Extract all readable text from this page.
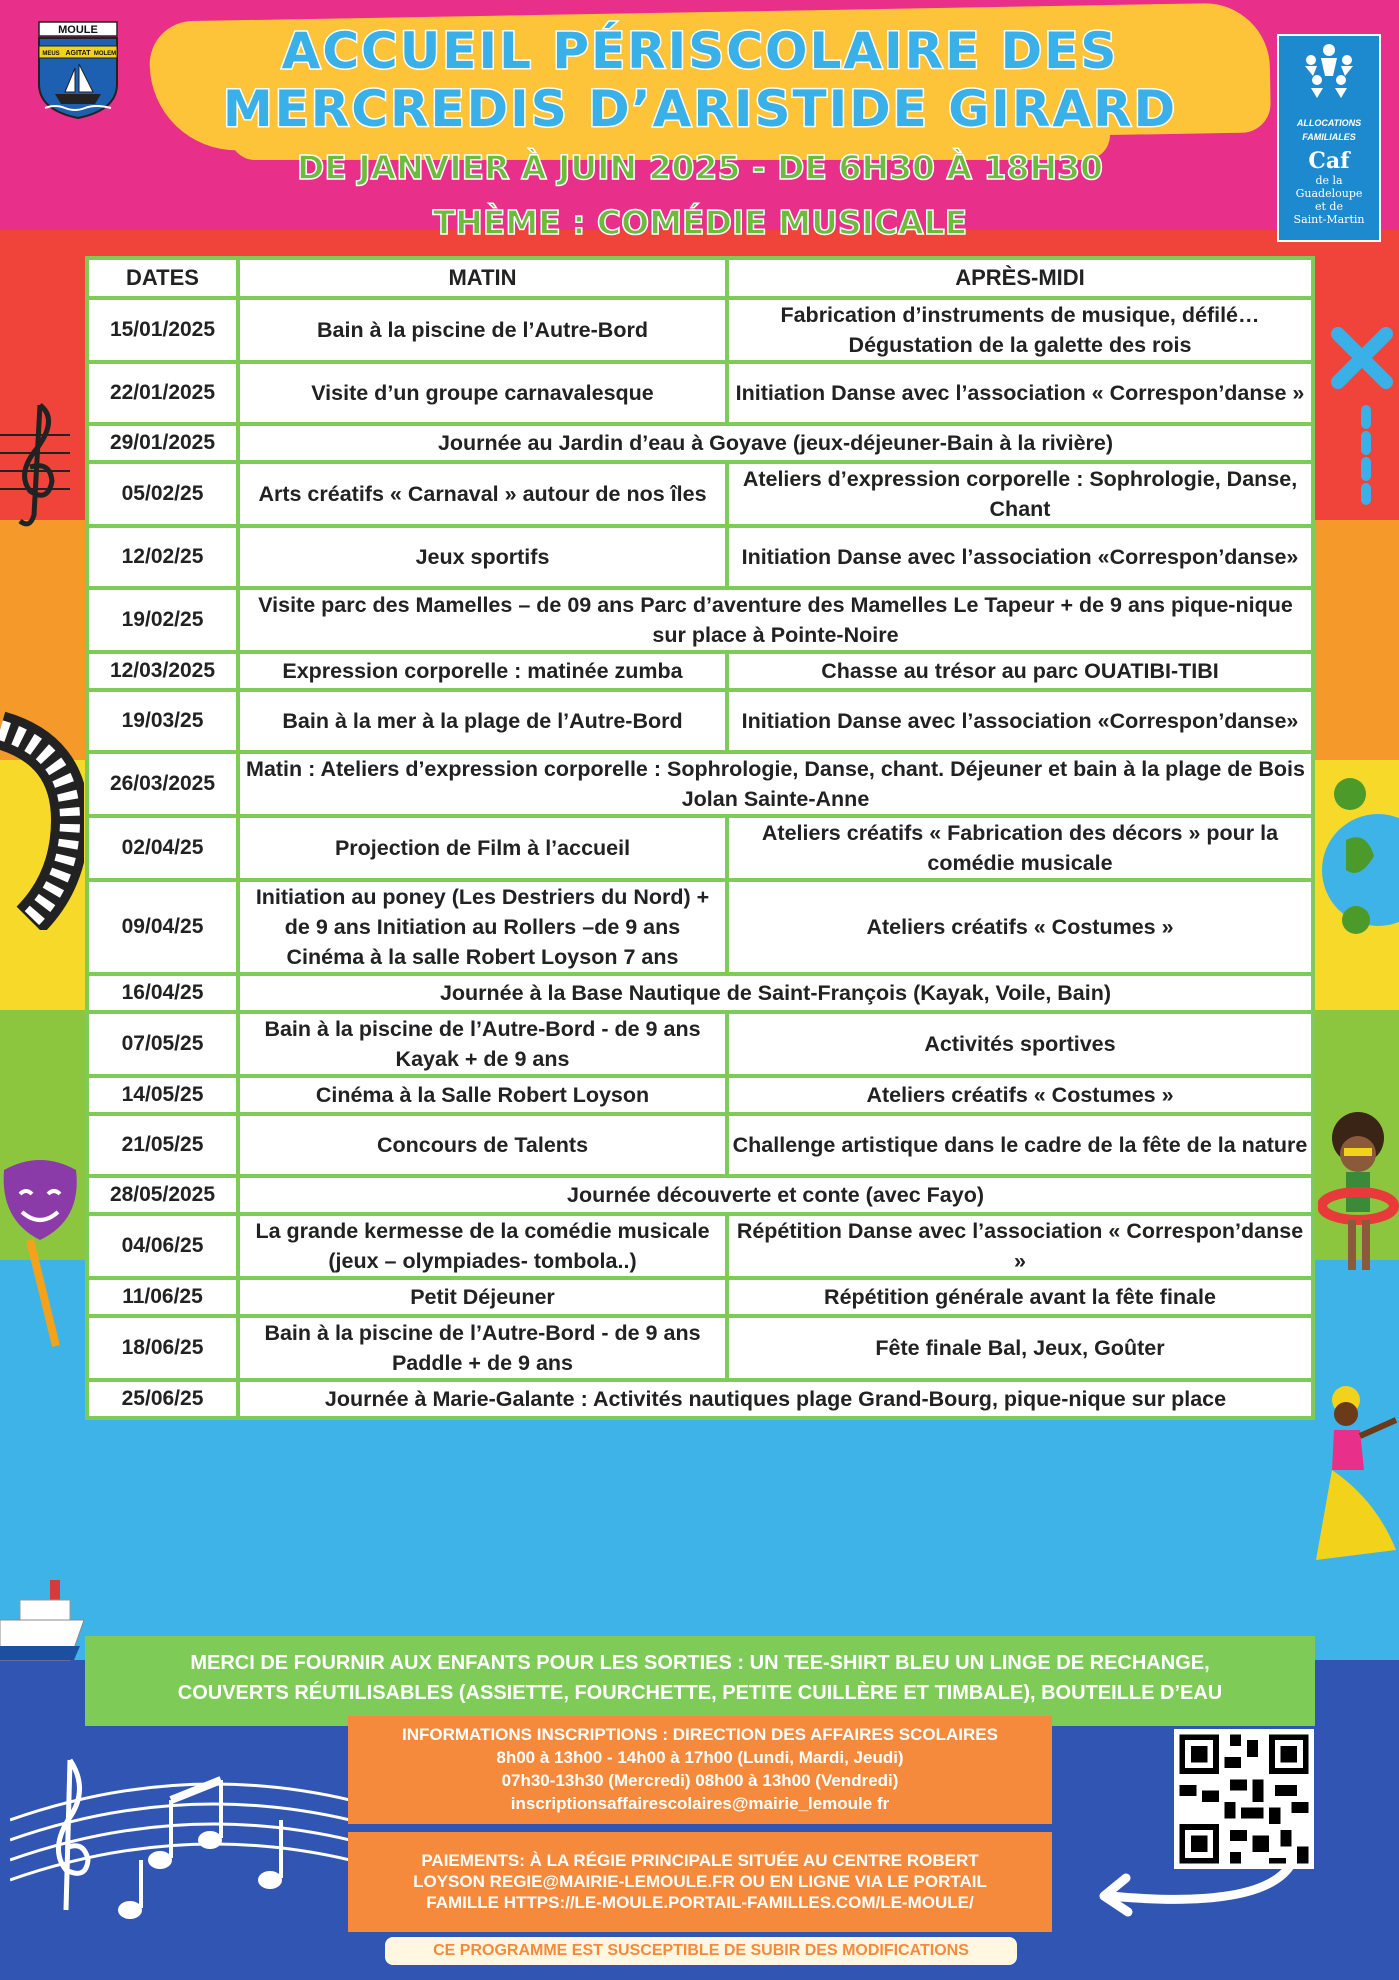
MOULE
MEUS AGITAT MOLEM	ACCUEIL PÉRISCOLAIRE DES
MERCREDIS D’ARISTIDE GIRARD
DE JANVIER À JUIN 2025 - DE 6H30 À 18H30
THÈME : COMÉDIE MUSICALE
ALLOCATIONS
FAMILIALES
Caf
de la
Guadeloupe
et de
Saint-Martin
DATES	MATIN	APRÈS-MIDI
15/01/2025	Bain à la piscine de l’Autre-Bord	Fabrication d’instruments de musique, défilé… Dégustation de la galette des rois
22/01/2025	Visite d’un groupe carnavalesque	Initiation Danse avec l’association « Correspon’danse »
29/01/2025	Journée au Jardin d’eau à Goyave (jeux-déjeuner-Bain à la rivière)	
05/02/25	Arts créatifs « Carnaval » autour de nos îles	Ateliers d’expression corporelle : Sophrologie, Danse, Chant
12/02/25	Jeux sportifs	Initiation Danse avec l’association «Correspon’danse»
19/02/25	Visite parc des Mamelles – de 09 ans Parc d’aventure des Mamelles Le Tapeur + de 9 ans pique-nique sur place à Pointe-Noire	
12/03/2025	Expression corporelle : matinée zumba	Chasse au trésor au parc OUATIBI-TIBI
19/03/25	Bain à la mer à la plage de l’Autre-Bord	Initiation Danse avec l’association «Correspon’danse»
26/03/2025	Matin : Ateliers d’expression corporelle : Sophrologie, Danse, chant. Déjeuner et bain à la plage de Bois Jolan Sainte-Anne	
02/04/25	Projection de Film à l’accueil	Ateliers créatifs « Fabrication des décors » pour la comédie musicale
09/04/25	Initiation au poney (Les Destriers du Nord) + de 9 ans Initiation au Rollers –de 9 ans Cinéma à la salle Robert Loyson 7 ans	Ateliers créatifs « Costumes »
16/04/25	Journée à la Base Nautique de Saint-François (Kayak, Voile, Bain)	
07/05/25	Bain à la piscine de l’Autre-Bord - de 9 ans Kayak + de 9 ans	Activités sportives
14/05/25	Cinéma à la Salle Robert Loyson	Ateliers créatifs « Costumes »
21/05/25	Concours de Talents	Challenge artistique dans le cadre de la fête de la nature
28/05/2025	Journée découverte et conte (avec Fayo)	
04/06/25	La grande kermesse de la comédie musicale (jeux – olympiades- tombola..)	Répétition Danse avec l’association « Correspon’danse »
11/06/25	Petit Déjeuner	Répétition générale avant la fête finale
18/06/25	Bain à la piscine de l’Autre-Bord - de 9 ans Paddle + de 9 ans	Fête finale Bal, Jeux, Goûter
25/06/25	Journée à Marie-Galante : Activités nautiques plage Grand-Bourg, pique-nique sur place	
MERCI DE FOURNIR AUX ENFANTS POUR LES SORTIES : UN TEE-SHIRT BLEU UN LINGE DE RECHANGE,
COUVERTS RÉUTILISABLES (ASSIETTE, FOURCHETTE, PETITE CUILLÈRE ET TIMBALE), BOUTEILLE D’EAU
INFORMATIONS INSCRIPTIONS : DIRECTION DES AFFAIRES SCOLAIRES
8h00 à 13h00 - 14h00 à 17h00 (Lundi, Mardi, Jeudi)
07h30-13h30 (Mercredi) 08h00 à 13h00 (Vendredi)
inscriptionsaffairescolaires@mairie_lemoule fr
PAIEMENTS: À LA RÉGIE PRINCIPALE SITUÉE AU CENTRE ROBERT
LOYSON REGIE@MAIRIE-LEMOULE.FR OU EN LIGNE VIA LE PORTAIL
FAMILLE HTTPS://LE-MOULE.PORTAIL-FAMILLES.COM/LE-MOULE/
CE PROGRAMME EST SUSCEPTIBLE DE SUBIR DES MODIFICATIONS
